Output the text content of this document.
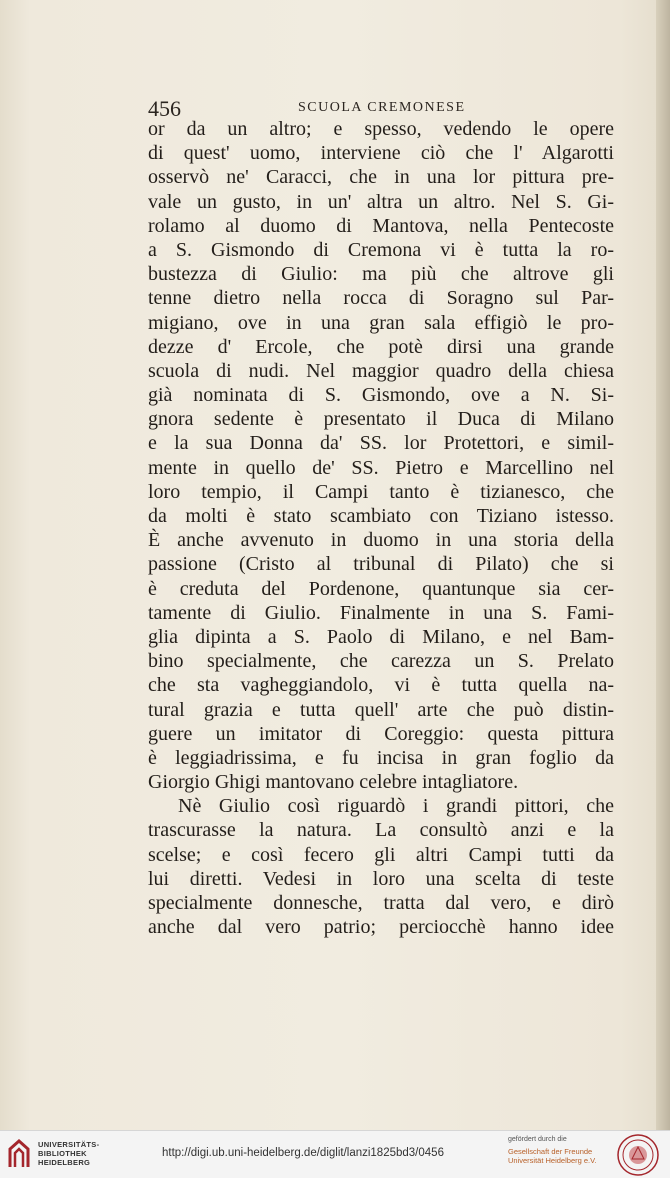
456	SCUOLA CREMONESE
or da un altro; e spesso, vedendo le opere
di quest' uomo, interviene ciò che l' Algarotti
osservò ne' Caracci, che in una lor pittura pre-
vale un gusto, in un' altra un altro. Nel S. Gi-
rolamo al duomo di Mantova, nella Pentecoste
a S. Gismondo di Cremona vi è tutta la ro-
bustezza di Giulio: ma più che altrove gli
tenne dietro nella rocca di Soragno sul Par-
migiano, ove in una gran sala effigiò le pro-
dezze d' Ercole, che potè dirsi una grande
scuola di nudi. Nel maggior quadro della chiesa
già nominata di S. Gismondo, ove a N. Si-
gnora sedente è presentato il Duca di Milano
e la sua Donna da' SS. lor Protettori, e simil-
mente in quello de' SS. Pietro e Marcellino nel
loro tempio, il Campi tanto è tizianesco, che
da molti è stato scambiato con Tiziano istesso.
È anche avvenuto in duomo in una storia della
passione (Cristo al tribunal di Pilato) che si
è creduta del Pordenone, quantunque sia cer-
tamente di Giulio. Finalmente in una S. Fami-
glia dipinta a S. Paolo di Milano, e nel Bam-
bino specialmente, che carezza un S. Prelato
che sta vagheggiandolo, vi è tutta quella na-
tural grazia e tutta quell' arte che può distin-
guere un imitator di Coreggio: questa pittura
è leggiadrissima, e fu incisa in gran foglio da
Giorgio Ghigi mantovano celebre intagliatore.
Nè Giulio così riguardò i grandi pittori, che
trascurasse la natura. La consultò anzi e la
scelse; e così fecero gli altri Campi tutti da
lui diretti. Vedesi in loro una scelta di teste
specialmente donnesche, tratta dal vero, e dirò
anche dal vero patrio; perciocchè hanno idee
UNIVERSITÄTS-
BIBLIOTHEK
HEIDELBERG
http://digi.ub.uni-heidelberg.de/diglit/lanzi1825bd3/0456
gefördert durch die
Gesellschaft der Freunde
Universität Heidelberg e.V.
